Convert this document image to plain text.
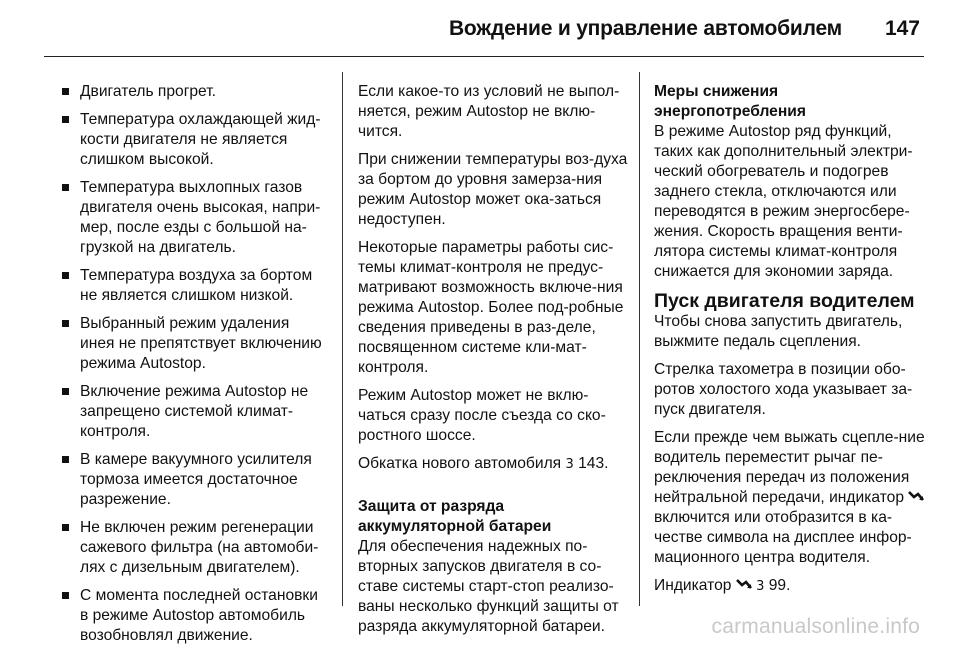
Вождение и управление автомобилем 147
Двигатель прогрет.
Температура охлаждающей жид-кости двигателя не является слишком высокой.
Температура выхлопных газов двигателя очень высокая, напри-мер, после езды с большой на-грузкой на двигатель.
Температура воздуха за бортом не является слишком низкой.
Выбранный режим удаления инея не препятствует включению режима Autostop.
Включение режима Autostop не запрещено системой климат-контроля.
В камере вакуумного усилителя тормоза имеется достаточное разрежение.
Не включен режим регенерации сажевого фильтра (на автомоби-лях с дизельным двигателем).
С момента последней остановки в режиме Autostop автомобиль возобновлял движение.

Если какое-то из условий не выпол-няется, режим Autostop не вклю-чится.

При снижении температуры воз-духа за бортом до уровня замерза-ния режим Autostop может ока-заться недоступен.

Некоторые параметры работы сис-темы климат-контроля не предус-матривают возможность включе-ния режима Autostop. Более под-робные сведения приведены в раз-деле, посвященном системе кли-мат-контроля.

Режим Autostop может не вклю-чаться сразу после съезда со ско-ростного шоссе.

Обкатка нового автомобиля 3 143.

Защита от разряда аккумуляторной батареи

Для обеспечения надежных по-вторных запусков двигателя в со-ставе системы старт-стоп реализо-ваны несколько функций защиты от разряда аккумуляторной батареи.

Меры снижения энергопотребления

В режиме Autostop ряд функций, таких как дополнительный электри-ческий обогреватель и подогрев заднего стекла, отключаются или переводятся в режим энергосбере-жения. Скорость вращения венти-лятора системы климат-контроля снижается для экономии заряда.

Пуск двигателя водителем

Чтобы снова запустить двигатель, выжмите педаль сцепления.

Стрелка тахометра в позиции обо-ротов холостого хода указывает за-пуск двигателя.

Если прежде чем выжать сцепле-ние водитель переместит рычаг пе-реключения передач из положения нейтральной передачи, индикатор  включится или отобразится в ка-честве символа на дисплее инфор-мационного центра водителя.

Индикатор 3 99.

carmanualsonline.info
